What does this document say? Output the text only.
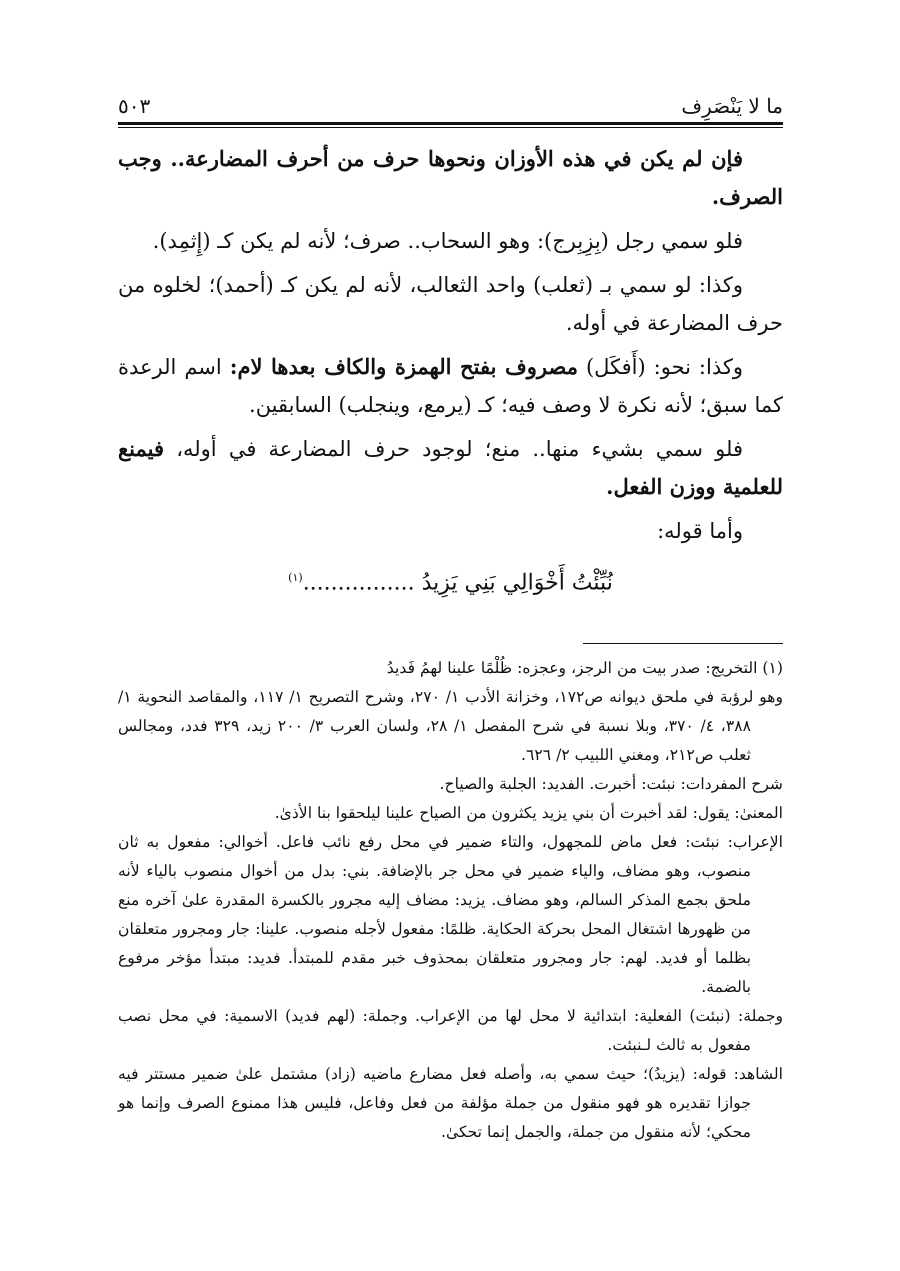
ما لا يَنْصَرِف
٥٠٣

فإن لم يكن في هذه الأوزان ونحوها حرف من أحرف المضارعة.. وجب الصرف.

فلو سمي رجل (بِزِبِرج): وهو السحاب.. صرف؛ لأنه لم يكن كـ (إِثمِد).

وكذا: لو سمي بـ (ثعلب) واحد الثعالب، لأنه لم يكن كـ (أحمد)؛ لخلوه من حرف المضارعة في أوله.

وكذا: نحو: (أَفكَل) مصروف بفتح الهمزة والكاف بعدها لام: اسم الرعدة كما سبق؛ لأنه نكرة لا وصف فيه؛ كـ (يرمع، وينجلب) السابقين.

فلو سمي بشيء منها.. منع؛ لوجود حرف المضارعة في أوله، فيمنع للعلمية ووزن الفعل.

وأما قوله:

نُبِّئْتُ أَخْوَالِي بَنِي يَزِيدُ ................$^{(١)}$

(١) التخريج: صدر بيت من الرجز، وعجزه: ظُلْمًا علينا لهمُ فَديدُ

وهو لرؤبة في ملحق ديوانه ص١٧٢، وخزانة الأدب ١/ ٢٧٠، وشرح التصريح ١/ ١١٧، والمقاصد النحوية ١/ ٣٨٨، ٤/ ٣٧٠، وبلا نسبة في شرح المفصل ١/ ٢٨، ولسان العرب ٣/ ٢٠٠ زيد، ٣٢٩ فدد، ومجالس ثعلب ص٢١٢، ومغني اللبيب ٢/ ٦٢٦.

شرح المفردات: نبئت: أخبرت. الفديد: الجلبة والصياح.

المعنىٰ: يقول: لقد أخبرت أن بني يزيد يكثرون من الصياح علينا ليلحقوا بنا الأذىٰ.

الإعراب: نبئت: فعل ماض للمجهول، والتاء ضمير في محل رفع نائب فاعل. أخوالي: مفعول به ثان منصوب، وهو مضاف، والياء ضمير في محل جر بالإضافة. بني: بدل من أخوال منصوب بالياء لأنه ملحق بجمع المذكر السالم، وهو مضاف. يزيد: مضاف إليه مجرور بالكسرة المقدرة علىٰ آخره منع من ظهورها اشتغال المحل بحركة الحكاية. ظلمًا: مفعول لأجله منصوب. علينا: جار ومجرور متعلقان بظلما أو فديد. لهم: جار ومجرور متعلقان بمحذوف خبر مقدم للمبتدأ. فديد: مبتدأ مؤخر مرفوع بالضمة.

وجملة: (نبئت) الفعلية: ابتدائية لا محل لها من الإعراب. وجملة: (لهم فديد) الاسمية: في محل نصب مفعول به ثالث لـنبئت.

الشاهد: قوله: (يزيدُ)؛ حيث سمي به، وأصله فعل مضارع ماضيه (زاد) مشتمل علىٰ ضمير مستتر فيه جوازا تقديره هو فهو منقول من جملة مؤلفة من فعل وفاعل، فليس هذا ممنوع الصرف وإنما هو محكي؛ لأنه منقول من جملة، والجمل إنما تحكىٰ.
